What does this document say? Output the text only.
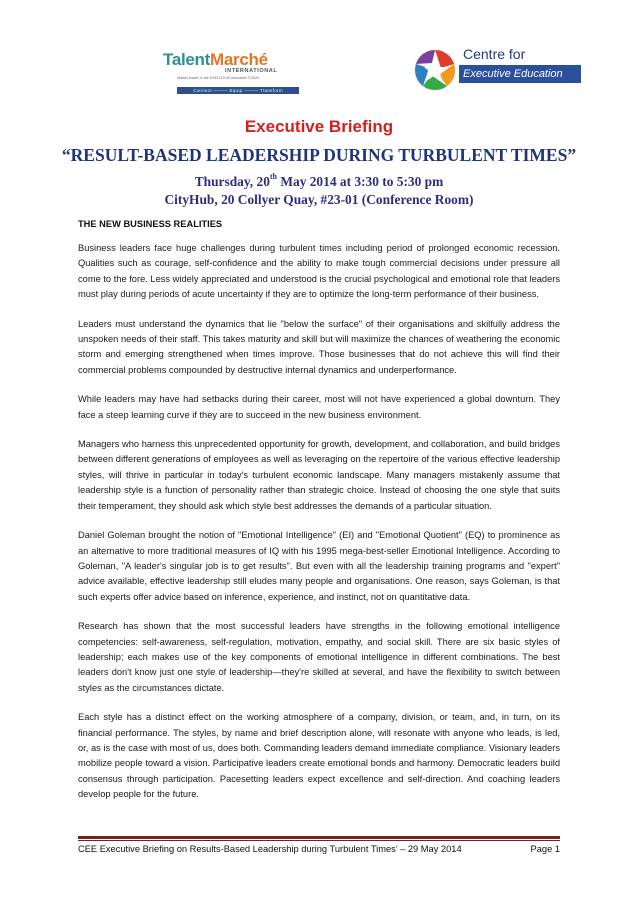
TalentMarché
INTERNATIONAL
Market leader in the EXECUTIVE education TODAY
Connect ——— Equip ——— Transform
Centre for
Executive Education
Executive Briefing
“RESULT-BASED LEADERSHIP DURING TURBULENT TIMES”
Thursday, 20th May 2014 at 3:30 to 5:30 pm
CityHub, 20 Collyer Quay, #23-01 (Conference Room)
THE NEW BUSINESS REALITIES

Business leaders face huge challenges during turbulent times including period of prolonged economic recession. Qualities such as courage, self-confidence and the ability to make tough commercial decisions under pressure all come to the fore. Less widely appreciated and understood is the crucial psychological and emotional role that leaders must play during periods of acute uncertainty if they are to optimize the long-term performance of their business.

Leaders must understand the dynamics that lie "below the surface" of their organisations and skilfully address the unspoken needs of their staff. This takes maturity and skill but will maximize the chances of weathering the economic storm and emerging strengthened when times improve. Those businesses that do not achieve this will find their commercial problems compounded by destructive internal dynamics and underperformance.

While leaders may have had setbacks during their career, most will not have experienced a global downturn. They face a steep learning curve if they are to succeed in the new business environment.

Managers who harness this unprecedented opportunity for growth, development, and collaboration, and build bridges between different generations of employees as well as leveraging on the repertoire of the various effective leadership styles, will thrive in particular in today's turbulent economic landscape. Many managers mistakenly assume that leadership style is a function of personality rather than strategic choice. Instead of choosing the one style that suits their temperament, they should ask which style best addresses the demands of a particular situation.

Daniel Goleman brought the notion of "Emotional Intelligence" (EI) and "Emotional Quotient" (EQ) to prominence as an alternative to more traditional measures of IQ with his 1995 mega-best-seller Emotional Intelligence. According to Goleman, "A leader's singular job is to get results". But even with all the leadership training programs and "expert" advice available, effective leadership still eludes many people and organisations. One reason, says Goleman, is that such experts offer advice based on inference, experience, and instinct, not on quantitative data.

Research has shown that the most successful leaders have strengths in the following emotional intelligence competencies: self-awareness, self-regulation, motivation, empathy, and social skill. There are six basic styles of leadership; each makes use of the key components of emotional intelligence in different combinations. The best leaders don't know just one style of leadership—they're skilled at several, and have the flexibility to switch between styles as the circumstances dictate.

Each style has a distinct effect on the working atmosphere of a company, division, or team, and, in turn, on its financial performance. The styles, by name and brief description alone, will resonate with anyone who leads, is led, or, as is the case with most of us, does both. Commanding leaders demand immediate compliance. Visionary leaders mobilize people toward a vision. Participative leaders create emotional bonds and harmony. Democratic leaders build consensus through participation. Pacesetting leaders expect excellence and self-direction. And coaching leaders develop people for the future.

CEE Executive Briefing on Results-Based Leadership during Turbulent Times’ – 29 May 2014	Page 1
